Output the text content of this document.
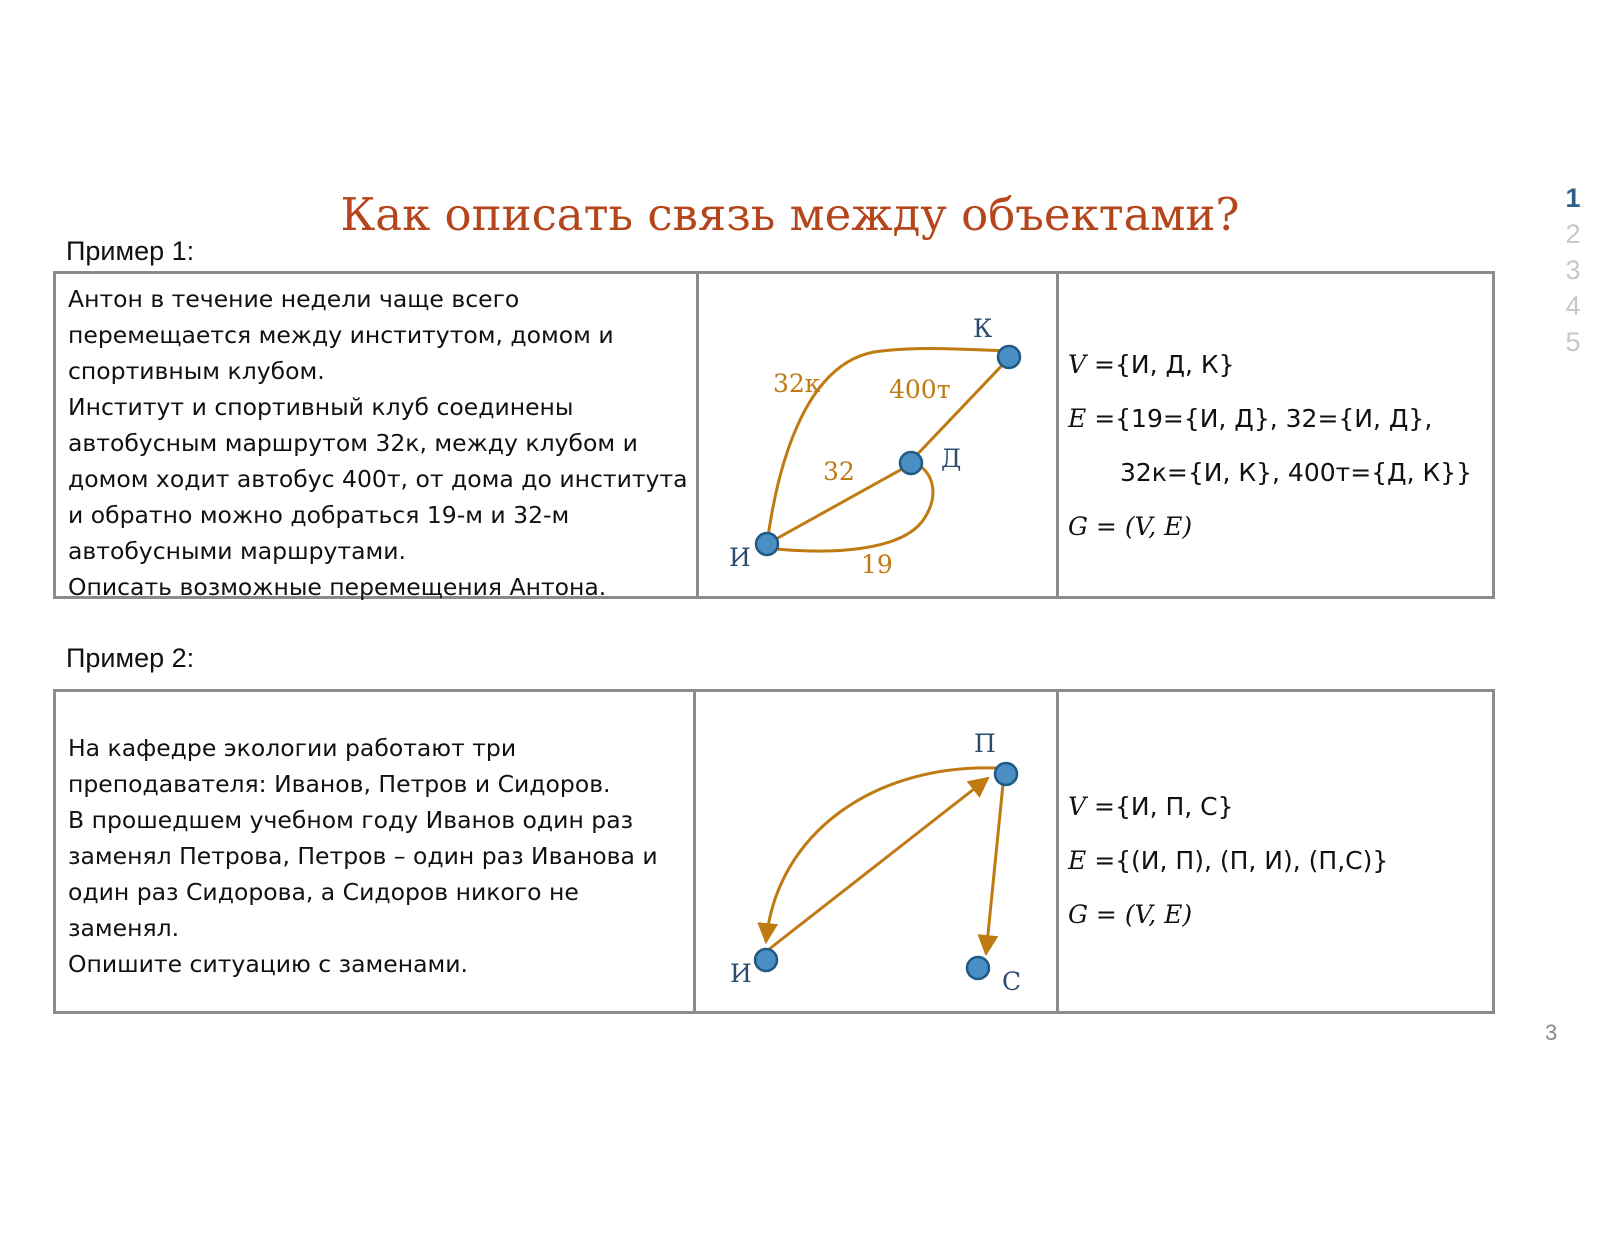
Как описать связь между объектами?	1
2
3
4
5
Пример 1:
Антон в течение недели чаще всего
перемещается между институтом, домом и
спортивным клубом.
Институт и спортивный клуб соединены
автобусным маршрутом 32к, между клубом и
домом ходит автобус 400т, от дома до института
и обратно можно добраться 19-м и 32-м
автобусными маршрутами.
Описать возможные перемещения Антона.
32к	400т
32
19
К
Д
И
V ={И, Д, К}
E ={19={И, Д}, 32={И, Д},
32к={И, К}, 400т={Д, К}}
G = (V, E)
Пример 2:
На кафедре экологии работают три
преподавателя: Иванов, Петров и Сидоров.
В прошедшем учебном году Иванов один раз
заменял Петрова, Петров – один раз Иванова и
один раз Сидорова, а Сидоров никого не
заменял.
Опишите ситуацию с заменами.
П
И	С
V ={И, П, С}
E ={(И, П), (П, И), (П,С)}
G = (V, E)
3
